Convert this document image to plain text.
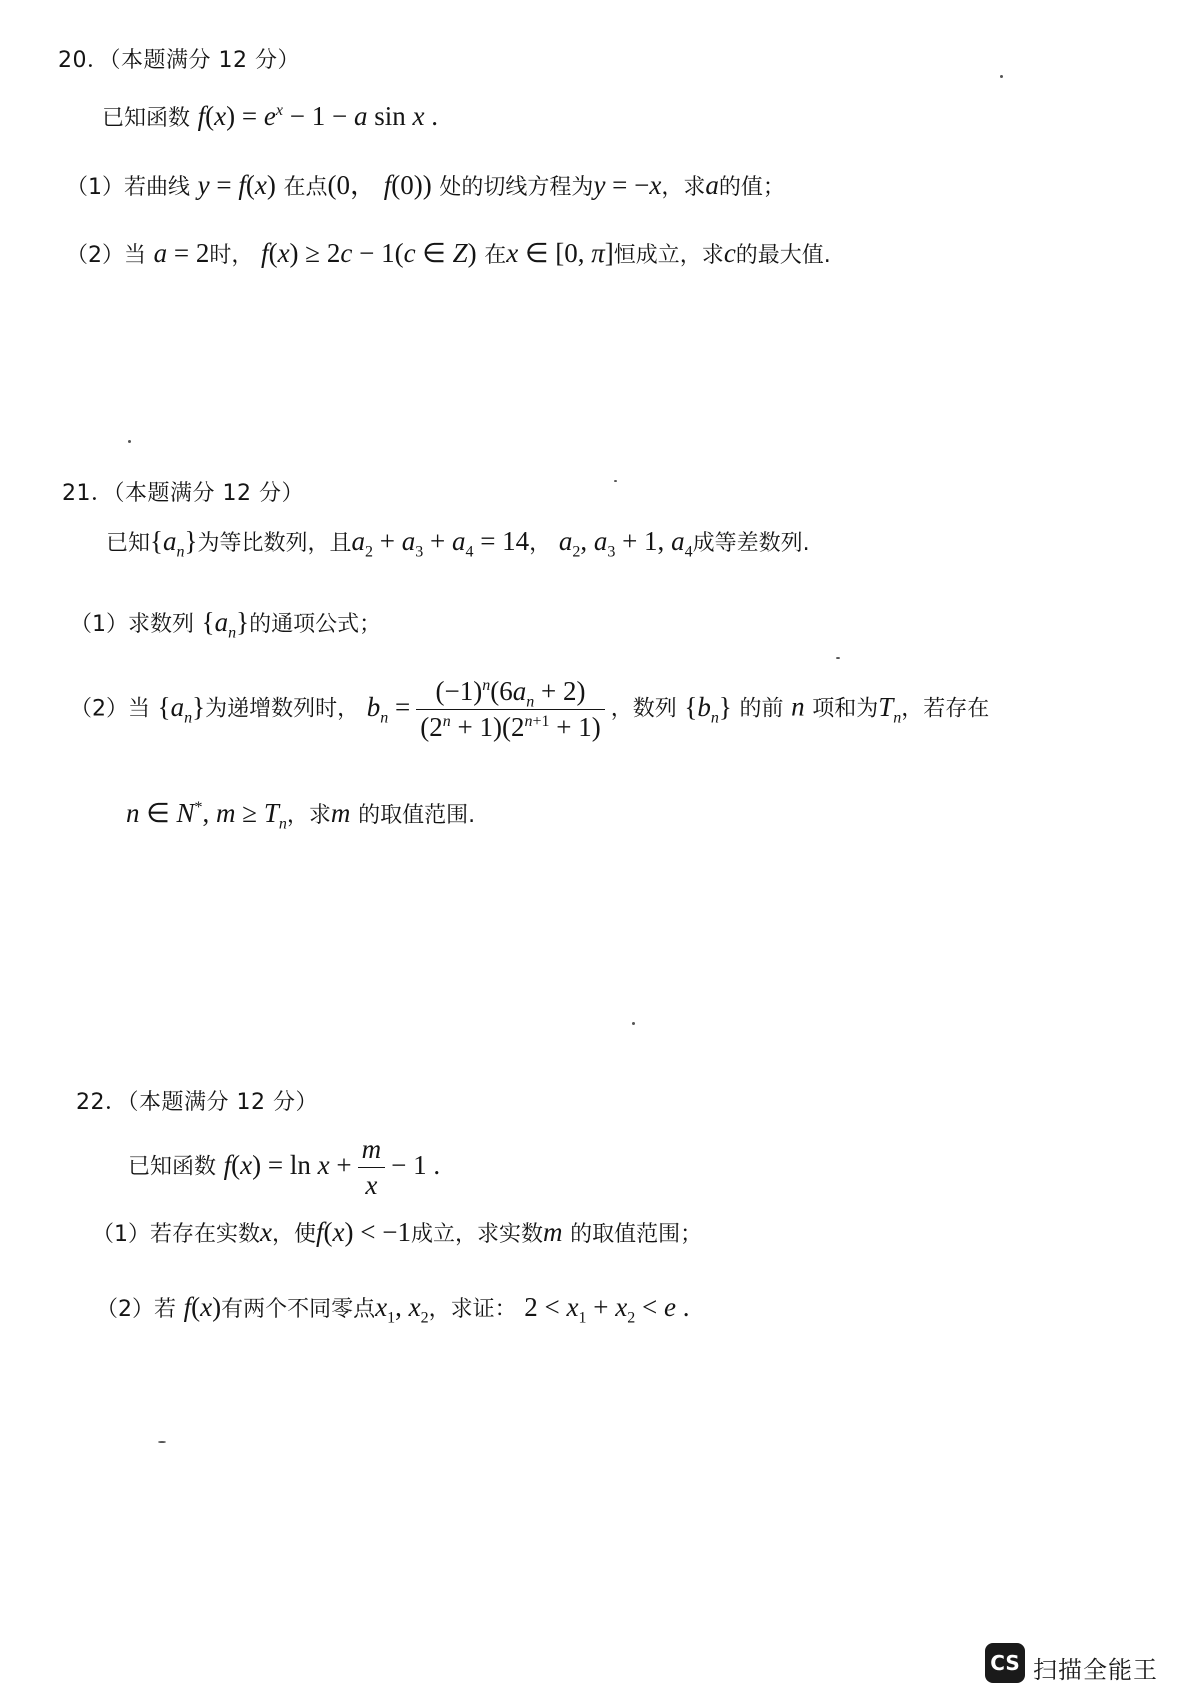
20．（本题满分 12 分）
已知函数 $f(x) = e^x - 1 - a$ sin x .
（1）若曲线 y = f(x) 在点(0， f(0)) 处的切线方程为y = −x，求a的值；
（2）当 a = 2时， f(x) ≥ 2c − 1(c ∈ Z) 在x ∈ [0, π]恒成立，求c的最大值.
21．（本题满分 12 分）
已知$\{a_n\}$为等比数列，且$a_2 + a_3 + a_4 = 14$， $a_2$, $a_3 + 1$, $a_4$成等差数列.
（1）求数列 $\{a_n\}$的通项公式；
（2）当 $\{a_n\}$为递增数列时， $b_n = \frac{(-1)^n(6a_n + 2)}{(2^n + 1)(2^{n+1} + 1)}$ ，数列 $\{b_n\}$ 的前 n 项和为$T_n$，若存在
n ∈ N*, $m \ge T_n$，求m 的取值范围.
22．（本题满分 12 分）
已知函数 $f(x) = \ln x + \frac{m}{x} - 1$ .
（1）若存在实数x，使f(x) < −1成立，求实数m 的取值范围；
（2）若 f(x)有两个不同零点$x_1$, $x_2$，求证： $2 < x_1 + x_2 < e$ .
CS 扫描全能王
